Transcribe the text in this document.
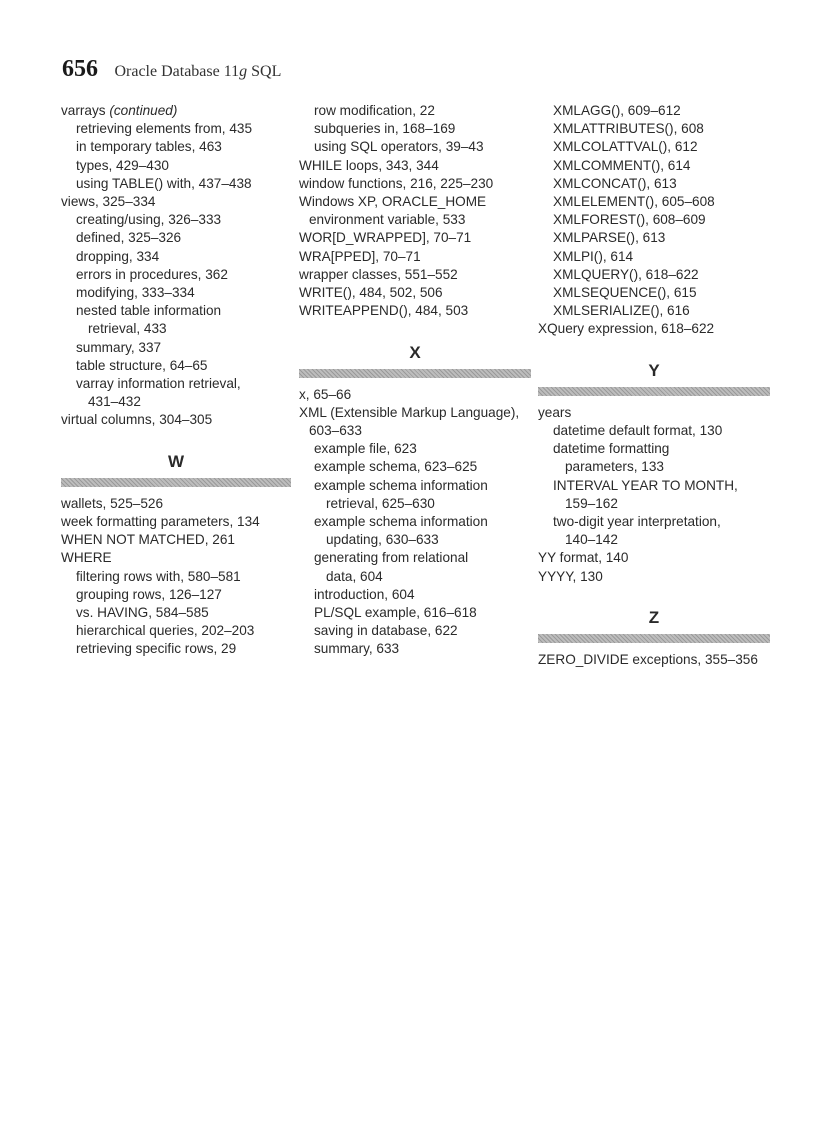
656 Oracle Database 11g SQL
varrays (continued)
retrieving elements from, 435
in temporary tables, 463
types, 429–430
using TABLE() with, 437–438
views, 325–334
creating/using, 326–333
defined, 325–326
dropping, 334
errors in procedures, 362
modifying, 333–334
nested table information
retrieval, 433
summary, 337
table structure, 64–65
varray information retrieval,
431–432
virtual columns, 304–305
W
wallets, 525–526
week formatting parameters, 134
WHEN NOT MATCHED, 261
WHERE
filtering rows with, 580–581
grouping rows, 126–127
vs. HAVING, 584–585
hierarchical queries, 202–203
retrieving specific rows, 29
row modification, 22
subqueries in, 168–169
using SQL operators, 39–43
WHILE loops, 343, 344
window functions, 216, 225–230
Windows XP, ORACLE_HOME
environment variable, 533
WOR[D_WRAPPED], 70–71
WRA[PPED], 70–71
wrapper classes, 551–552
WRITE(), 484, 502, 506
WRITEAPPEND(), 484, 503
X
x, 65–66
XML (Extensible Markup Language),
603–633
example file, 623
example schema, 623–625
example schema information
retrieval, 625–630
example schema information
updating, 630–633
generating from relational
data, 604
introduction, 604
PL/SQL example, 616–618
saving in database, 622
summary, 633
XMLAGG(), 609–612
XMLATTRIBUTES(), 608
XMLCOLATTVAL(), 612
XMLCOMMENT(), 614
XMLCONCAT(), 613
XMLELEMENT(), 605–608
XMLFOREST(), 608–609
XMLPARSE(), 613
XMLPI(), 614
XMLQUERY(), 618–622
XMLSEQUENCE(), 615
XMLSERIALIZE(), 616
XQuery expression, 618–622
Y
years
datetime default format, 130
datetime formatting
parameters, 133
INTERVAL YEAR TO MONTH,
159–162
two-digit year interpretation,
140–142
YY format, 140
YYYY, 130
Z
ZERO_DIVIDE exceptions, 355–356
